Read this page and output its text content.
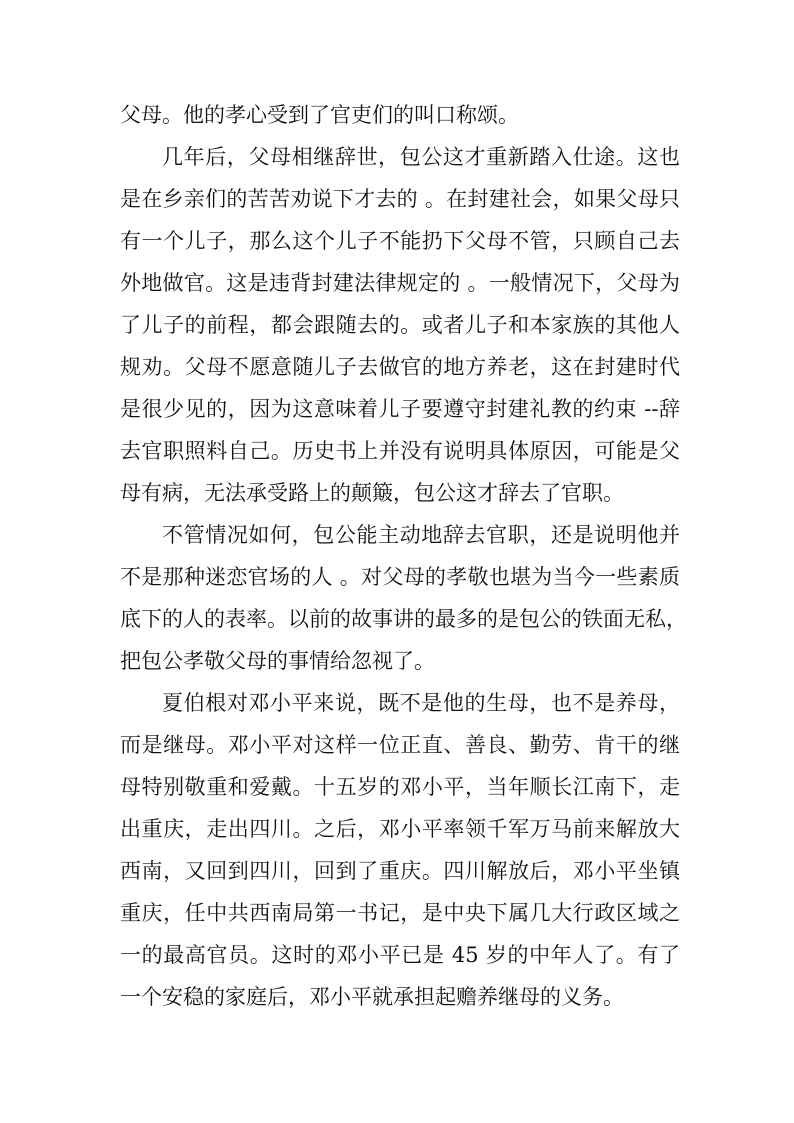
父母。他的孝心受到了官吏们的叫口称颂。
几年后，父母相继辞世，包公这才重新踏入仕途。这也
是在乡亲们的苦苦劝说下才去的 。在封建社会，如果父母只
有一个儿子，那么这个儿子不能扔下父母不管，只顾自己去
外地做官。这是违背封建法律规定的 。一般情况下，父母为
了儿子的前程，都会跟随去的。或者儿子和本家族的其他人
规劝。父母不愿意随儿子去做官的地方养老，这在封建时代
是很少见的，因为这意味着儿子要遵守封建礼教的约束 --辞
去官职照料自己。历史书上并没有说明具体原因，可能是父
母有病，无法承受路上的颠簸，包公这才辞去了官职。
不管情况如何，包公能主动地辞去官职，还是说明他并
不是那种迷恋官场的人 。对父母的孝敬也堪为当今一些素质
底下的人的表率。以前的故事讲的最多的是包公的铁面无私，
把包公孝敬父母的事情给忽视了。
夏伯根对邓小平来说，既不是他的生母，也不是养母，
而是继母。邓小平对这样一位正直、善良、勤劳、肯干的继
母特别敬重和爱戴。十五岁的邓小平，当年顺长江南下，走
出重庆，走出四川。之后，邓小平率领千军万马前来解放大
西南，又回到四川，回到了重庆。四川解放后，邓小平坐镇
重庆，任中共西南局第一书记，是中央下属几大行政区域之
一的最高官员。这时的邓小平已是 45 岁的中年人了。有了
一个安稳的家庭后，邓小平就承担起赡养继母的义务。
